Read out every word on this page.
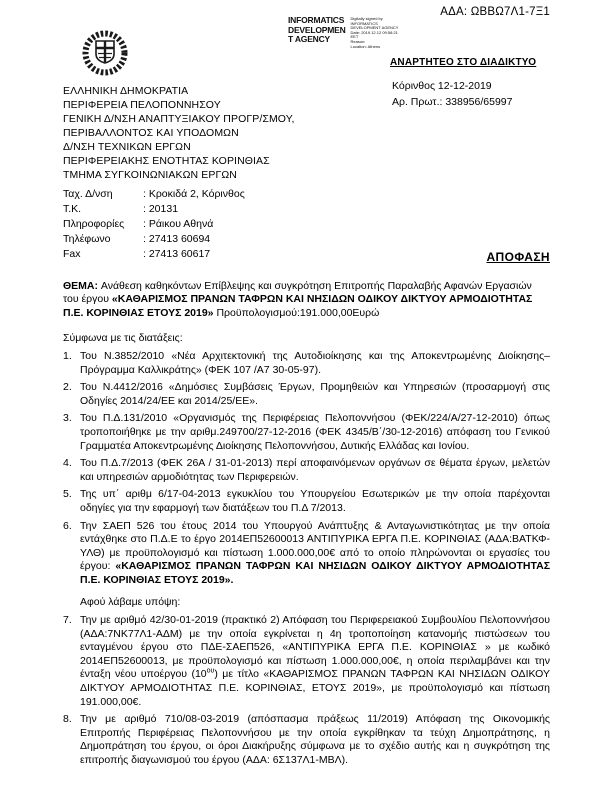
ΑΔΑ: ΩΒΒΩ7Λ1-7Ξ1
INFORMATICS
DEVELOPMEN
T AGENCY
Digitally signed by
INFORMATICS
DEVELOPMENT AGENCY
Date: 2019.12.12 09:58:21
EET
Reason:
Location: Athens
ΑΝΑΡΤΗΤΕΟ ΣΤΟ ΔΙΑΔΙΚΤΥΟ
Κόρινθος 12-12-2019
Αρ. Πρωτ.: 338956/65997
ΕΛΛΗΝΙΚΗ ΔΗΜΟΚΡΑΤΙΑ
ΠΕΡΙΦΕΡΕΙΑ ΠΕΛΟΠΟΝΝΗΣΟΥ
ΓΕΝΙΚΗ Δ/ΝΣΗ ΑΝΑΠΤΥΞΙΑΚΟΥ ΠΡΟΓΡ/ΣΜΟΥ,
ΠΕΡΙΒΑΛΛΟΝΤΟΣ ΚΑΙ ΥΠΟΔΟΜΩΝ
Δ/ΝΣΗ ΤΕΧΝΙΚΩΝ ΕΡΓΩΝ
ΠΕΡΙΦΕΡΕΙΑΚΗΣ ΕΝΟΤΗΤΑΣ ΚΟΡΙΝΘΙΑΣ
ΤΜΗΜΑ ΣΥΓΚΟΙΝΩΝΙΑΚΩΝ ΕΡΓΩΝ
Ταχ. Δ/νση	: Κροκιδά 2, Κόρινθος
Τ.Κ.	: 20131
Πληροφορίες	: Ράικου Αθηνά
Τηλέφωνο	: 27413 60694
Fax	: 27413 60617	ΑΠΟΦΑΣΗ
ΘΕΜΑ: Ανάθεση καθηκόντων Επίβλεψης και συγκρότηση Επιτροπής Παραλαβής Αφανών Εργασιών του έργου «ΚΑΘΑΡΙΣΜΟΣ ΠΡΑΝΩΝ ΤΑΦΡΩΝ ΚΑΙ ΝΗΣΙΔΩΝ ΟΔΙΚΟΥ ΔΙΚΤΥΟΥ ΑΡΜΟΔΙΟΤΗΤΑΣ Π.Ε. ΚΟΡΙΝΘΙΑΣ ΕΤΟΥΣ 2019» Προϋπολογισμού:191.000,00Ευρώ
Σύμφωνα με τις διατάξεις:
1. Του Ν.3852/2010 «Νέα Αρχιτεκτονική της Αυτοδιοίκησης και της Αποκεντρωμένης Διοίκησης– Πρόγραμμα Καλλικράτης» (ΦΕΚ 107 /Α7 30-05-97).
2. Του Ν.4412/2016 «Δημόσιες Συμβάσεις Έργων, Προμηθειών και Υπηρεσιών (προσαρμογή στις Οδηγίες 2014/24/ΕΕ και 2014/25/ΕΕ».
3. Του Π.Δ.131/2010 «Οργανισμός της Περιφέρειας Πελοποννήσου (ΦΕΚ/224/Α/27-12-2010) όπως τροποποιήθηκε με την αριθμ.249700/27-12-2016 (ΦΕΚ 4345/Β΄/30-12-2016) απόφαση του Γενικού Γραμματέα Αποκεντρωμένης Διοίκησης Πελοποννήσου, Δυτικής Ελλάδας και Ιονίου.
4. Του Π.Δ.7/2013 (ΦΕΚ 26Α / 31-01-2013) περί αποφαινόμενων οργάνων σε θέματα έργων, μελετών και υπηρεσιών αρμοδιότητας των Περιφερειών.
5. Της υπ΄ αριθμ 6/17-04-2013 εγκυκλίου του Υπουργείου Εσωτερικών με την οποία παρέχονται οδηγίες για την εφαρμογή των διατάξεων του Π.Δ 7/2013.
6. Την ΣΑΕΠ 526 του έτους 2014 του Υπουργού Ανάπτυξης & Ανταγωνιστικότητας με την οποία εντάχθηκε στο Π.Δ.Ε το έργο 2014ΕΠ52600013 ΑΝΤΙΠΥΡΙΚΑ ΕΡΓΑ Π.Ε. ΚΟΡΙΝΘΙΑΣ (ΑΔΑ:ΒΑΤΚΦ-ΥΛΘ) με προϋπολογισμό και πίστωση 1.000.000,00€ από το οποίο πληρώνονται οι εργασίες του έργου: «ΚΑΘΑΡΙΣΜΟΣ ΠΡΑΝΩΝ ΤΑΦΡΩΝ ΚΑΙ ΝΗΣΙΔΩΝ ΟΔΙΚΟΥ ΔΙΚΤΥΟΥ ΑΡΜΟΔΙΟΤΗΤΑΣ Π.Ε. ΚΟΡΙΝΘΙΑΣ ΕΤΟΥΣ 2019».
Αφού λάβαμε υπόψη:
7. Την με αριθμό 42/30-01-2019 (πρακτικό 2) Απόφαση του Περιφερειακού Συμβουλίου Πελοποννήσου (ΑΔΑ:7ΝΚ77Λ1-ΑΔΜ) με την οποία εγκρίνεται η 4η τροποποίηση κατανομής πιστώσεων του ενταγμένου έργου στο ΠΔΕ-ΣΑΕΠ526, «ΑΝΤΙΠΥΡΙΚΑ ΕΡΓΑ Π.Ε. ΚΟΡΙΝΘΙΑΣ » με κωδικό 2014ΕΠ52600013, με προϋπολογισμό και πίστωση 1.000.000,00€, η οποία περιλαμβάνει και την ένταξη νέου υποέργου $(10^{o\upsilon})$ με τίτλο «ΚΑΘΑΡΙΣΜΟΣ ΠΡΑΝΩΝ ΤΑΦΡΩΝ ΚΑΙ ΝΗΣΙΔΩΝ ΟΔΙΚΟΥ ΔΙΚΤΥΟΥ ΑΡΜΟΔΙΟΤΗΤΑΣ Π.Ε. ΚΟΡΙΝΘΙΑΣ, ΕΤΟΥΣ 2019», με προϋπολογισμό και πίστωση 191.000,00€.
8. Την με αριθμό 710/08-03-2019 (απόσπασμα πράξεως 11/2019) Απόφαση της Οικονομικής Επιτροπής Περιφέρειας Πελοποννήσου με την οποία εγκρίθηκαν τα τεύχη Δημοπράτησης, η Δημοπράτηση του έργου, οι όροι Διακήρυξης σύμφωνα με το σχέδιο αυτής και η συγκρότηση της επιτροπής διαγωνισμού του έργου (ΑΔΑ: 6Σ137Λ1-ΜΒΛ).
